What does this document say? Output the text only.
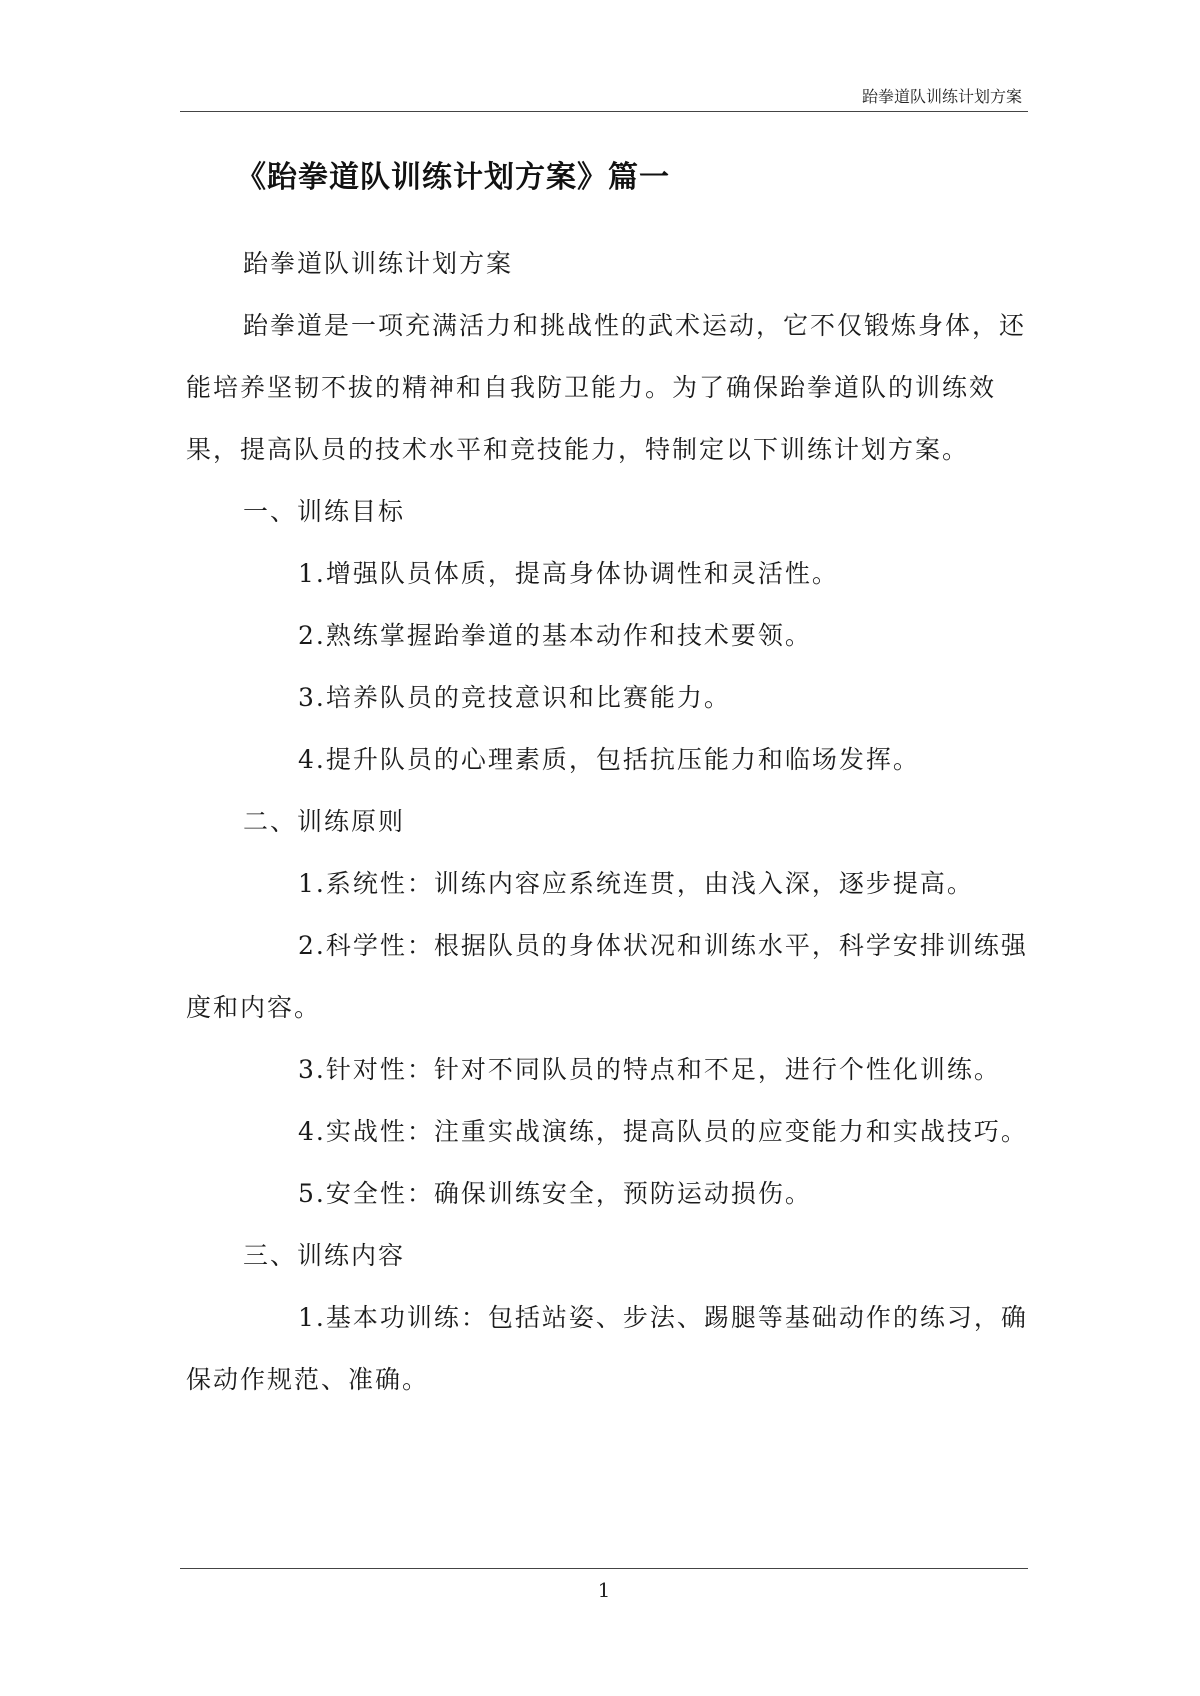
跆拳道队训练计划方案
《跆拳道队训练计划方案》篇一

跆拳道队训练计划方案

跆拳道是一项充满活力和挑战性的武术运动，它不仅锻炼身体，还能培养坚韧不拔的精神和自我防卫能力。为了确保跆拳道队的训练效果，提高队员的技术水平和竞技能力，特制定以下训练计划方案。

一、训练目标

1.增强队员体质，提高身体协调性和灵活性。

2.熟练掌握跆拳道的基本动作和技术要领。

3.培养队员的竞技意识和比赛能力。

4.提升队员的心理素质，包括抗压能力和临场发挥。

二、训练原则

1.系统性：训练内容应系统连贯，由浅入深，逐步提高。

2.科学性：根据队员的身体状况和训练水平，科学安排训练强度和内容。

3.针对性：针对不同队员的特点和不足，进行个性化训练。

4.实战性：注重实战演练，提高队员的应变能力和实战技巧。

5.安全性：确保训练安全，预防运动损伤。

三、训练内容

1.基本功训练：包括站姿、步法、踢腿等基础动作的练习，确保动作规范、准确。

1
